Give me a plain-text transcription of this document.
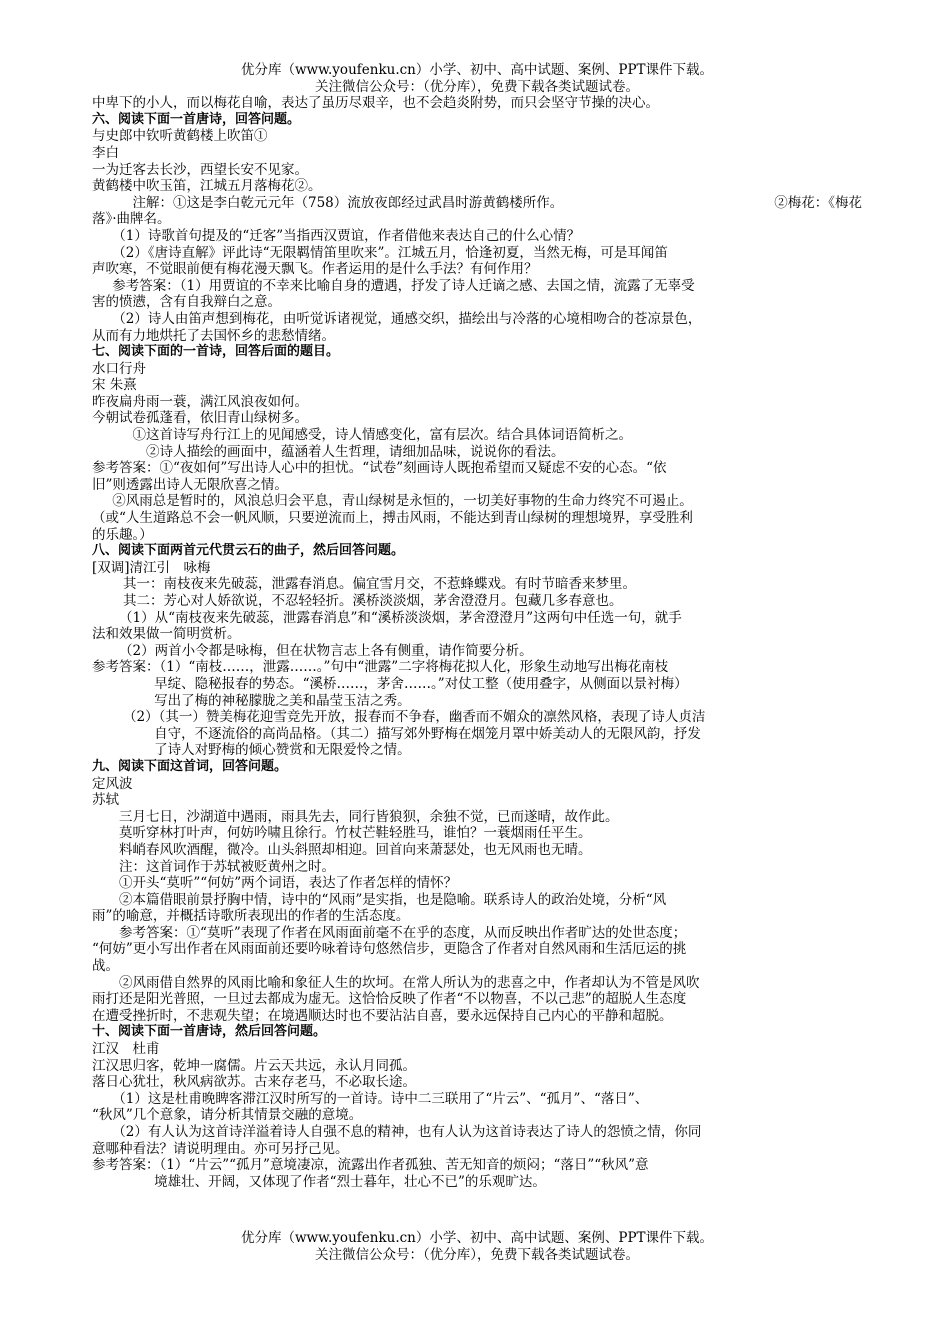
优分库（www.youfenku.cn）小学、初中、高中试题、案例、PPT课件下载。
关注微信公众号：（优分库），免费下载各类试题试卷。

中卑下的小人，而以梅花自喻，表达了虽历尽艰辛，也不会趋炎附势，而只会坚守节操的决心。

六、阅读下面一首唐诗，回答问题。

与史郎中钦听黄鹤楼上吹笛①

李白

一为迁客去长沙，西望长安不见家。

黄鹤楼中吹玉笛，江城五月落梅花②。

注解：①这是李白乾元元年（758）流放夜郎经过武昌时游黄鹤楼所作。	②梅花：《梅花

落》·曲牌名。

（1）诗歌首句提及的“迁客”当指西汉贾谊，作者借他来表达自己的什么心情？

（2）《唐诗直解》评此诗“无限羁情笛里吹来”。江城五月，恰逢初夏，当然无梅，可是耳闻笛

声吹寒，不觉眼前便有梅花漫天飘飞。作者运用的是什么手法？有何作用？

参考答案：（1）用贾谊的不幸来比喻自身的遭遇，抒发了诗人迁谪之感、去国之情，流露了无辜受

害的愤懑，含有自我辩白之意。

（2）诗人由笛声想到梅花，由听觉诉诸视觉，通感交织，描绘出与冷落的心境相吻合的苍凉景色，

从而有力地烘托了去国怀乡的悲愁情绪。

七、阅读下面的一首诗，回答后面的题目。

水口行舟

宋 朱熹

昨夜扁舟雨一蓑，满江风浪夜如何。

今朝试卷孤蓬看，依旧青山绿树多。

①这首诗写舟行江上的见闻感受，诗人情感变化，富有层次。结合具体词语简析之。

②诗人描绘的画面中，蕴涵着人生哲理，请细加品味，说说你的看法。

参考答案：①“夜如何”写出诗人心中的担忧。“试卷”刻画诗人既抱希望而又疑虑不安的心态。“依

旧”则透露出诗人无限欣喜之情。

②风雨总是暂时的，风浪总归会平息，青山绿树是永恒的，一切美好事物的生命力终究不可遏止。

（或“人生道路总不会一帆风顺，只要逆流而上，搏击风雨，不能达到青山绿树的理想境界，享受胜利

的乐趣。）

八、阅读下面两首元代贯云石的曲子，然后回答问题。

[双调]清江引　咏梅

其一：南枝夜来先破蕊，泄露春消息。偏宜雪月交，不惹蜂蝶戏。有时节暗香来梦里。

其二：芳心对人娇欲说，不忍轻轻折。溪桥淡淡烟，茅舍澄澄月。包藏几多春意也。

（1）从“南枝夜来先破蕊，泄露春消息”和“溪桥淡淡烟，茅舍澄澄月”这两句中任选一句，就手

法和效果做一简明赏析。

（2）两首小令都是咏梅，但在状物言志上各有侧重，请作简要分析。

参考答案：（1）“南枝……，泄露……。”句中“泄露”二字将梅花拟人化，形象生动地写出梅花南枝

早绽、隐秘报春的势态。“溪桥……，茅舍……。”对仗工整（使用叠字，从侧面以景衬梅）

写出了梅的神秘朦胧之美和晶莹玉洁之秀。

（2）（其一）赞美梅花迎雪竞先开放，报春而不争春，幽香而不媚众的凛然风格，表现了诗人贞洁

自守，不逐流俗的高尚品格。（其二）描写郊外野梅在烟笼月罩中娇美动人的无限风韵，抒发

了诗人对野梅的倾心赞赏和无限爱怜之情。

九、阅读下面这首词，回答问题。

定风波

苏轼

三月七日，沙湖道中遇雨，雨具先去，同行皆狼狈，余独不觉，已而遂晴，故作此。

莫听穿林打叶声，何妨吟啸且徐行。竹杖芒鞋轻胜马，谁怕？一蓑烟雨任平生。

料峭春风吹酒醒，微冷。山头斜照却相迎。回首向来萧瑟处，也无风雨也无晴。

注：这首词作于苏轼被贬黄州之时。

①开头“莫听”“何妨”两个词语，表达了作者怎样的情怀？

②本篇借眼前景抒胸中情，诗中的“风雨”是实指，也是隐喻。联系诗人的政治处境，分析“风

雨”的喻意，并概括诗歌所表现出的作者的生活态度。

参考答案：①“莫听”表现了作者在风雨面前毫不在乎的态度，从而反映出作者旷达的处世态度；

“何妨”更小写出作者在风雨面前还要吟咏着诗句悠然信步，更隐含了作者对自然风雨和生活厄运的挑

战。

②风雨借自然界的风雨比喻和象征人生的坎坷。在常人所认为的悲喜之中，作者却认为不管是风吹

雨打还是阳光普照，一旦过去都成为虚无。这恰恰反映了作者“不以物喜，不以己悲”的超脱人生态度

在遭受挫折时，不悲观失望；在境遇顺达时也不要沾沾自喜，要永远保持自己内心的平静和超脱。

十、阅读下面一首唐诗，然后回答问题。

江汉　杜甫

江汉思归客，乾坤一腐儒。片云天共远，永认月同孤。

落日心犹壮，秋风病欲苏。古来存老马，不必取长途。

（1）这是杜甫晚睥客滞江汉时所写的一首诗。诗中二三联用了“片云”、“孤月”、“落日”、

“秋风”几个意象，请分析其情景交融的意境。

（2）有人认为这首诗洋溢着诗人自强不息的精神，也有人认为这首诗表达了诗人的怨愤之情，你同

意哪种看法？请说明理由。亦可另抒己见。

参考答案：（1）“片云”“孤月”意境凄凉，流露出作者孤独、苦无知音的烦闷；“落日”“秋风”意

境雄壮、开阔，又体现了作者“烈士暮年，壮心不已”的乐观旷达。

优分库（www.youfenku.cn）小学、初中、高中试题、案例、PPT课件下载。
关注微信公众号：（优分库），免费下载各类试题试卷。
